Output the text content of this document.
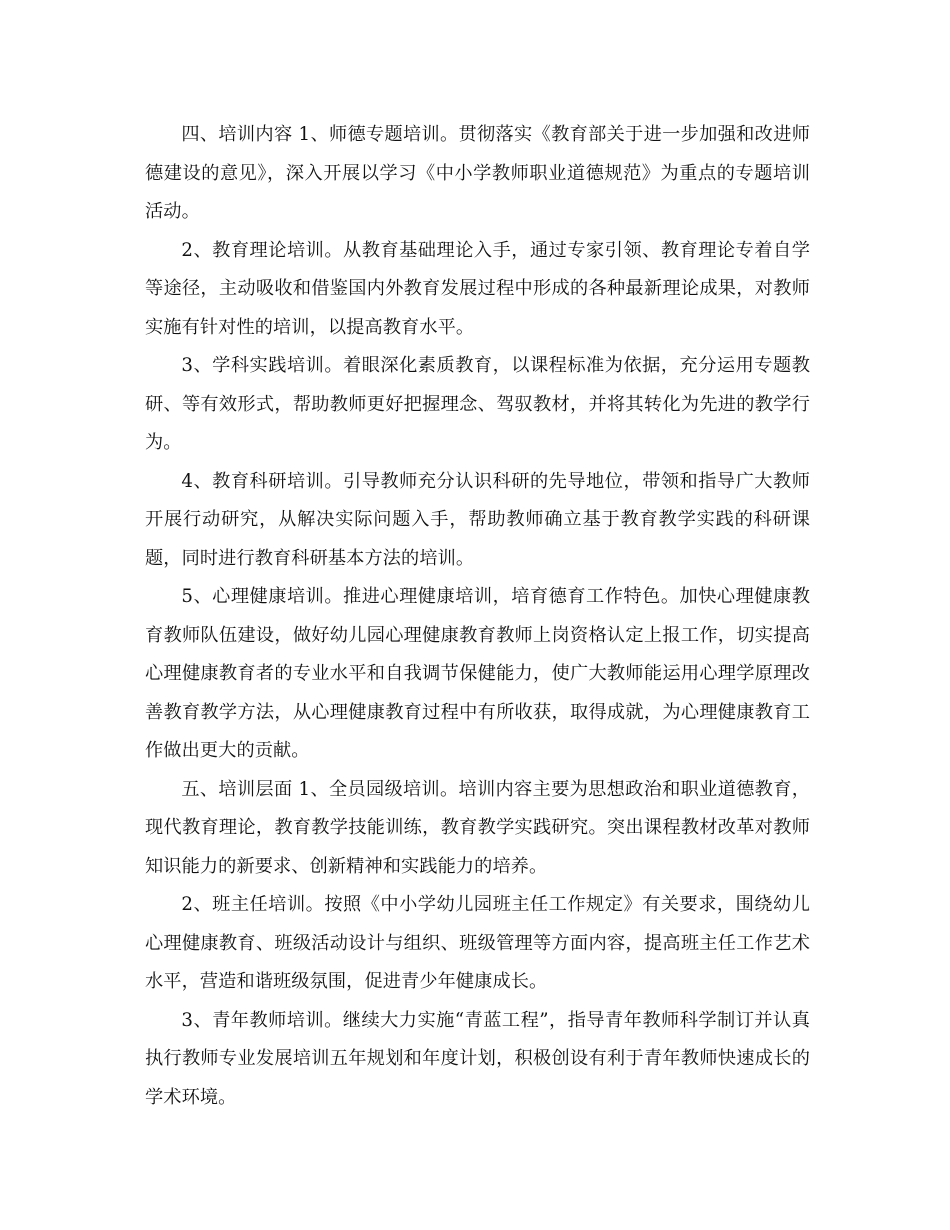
四、培训内容 1、师德专题培训。贯彻落实《教育部关于进一步加强和改进师德建设的意见》，深入开展以学习《中小学教师职业道德规范》为重点的专题培训活动。

2、教育理论培训。从教育基础理论入手，通过专家引领、教育理论专着自学等途径，主动吸收和借鉴国内外教育发展过程中形成的各种最新理论成果，对教师实施有针对性的培训，以提高教育水平。

3、学科实践培训。着眼深化素质教育，以课程标准为依据，充分运用专题教研、等有效形式，帮助教师更好把握理念、驾驭教材，并将其转化为先进的教学行为。

4、教育科研培训。引导教师充分认识科研的先导地位，带领和指导广大教师开展行动研究，从解决实际问题入手，帮助教师确立基于教育教学实践的科研课题，同时进行教育科研基本方法的培训。

5、心理健康培训。推进心理健康培训，培育德育工作特色。加快心理健康教育教师队伍建设，做好幼儿园心理健康教育教师上岗资格认定上报工作，切实提高心理健康教育者的专业水平和自我调节保健能力，使广大教师能运用心理学原理改善教育教学方法，从心理健康教育过程中有所收获，取得成就，为心理健康教育工作做出更大的贡献。

五、培训层面 1、全员园级培训。培训内容主要为思想政治和职业道德教育，现代教育理论，教育教学技能训练，教育教学实践研究。突出课程教材改革对教师知识能力的新要求、创新精神和实践能力的培养。

2、班主任培训。按照《中小学幼儿园班主任工作规定》有关要求，围绕幼儿心理健康教育、班级活动设计与组织、班级管理等方面内容，提高班主任工作艺术水平，营造和谐班级氛围，促进青少年健康成长。

3、青年教师培训。继续大力实施“青蓝工程”，指导青年教师科学制订并认真执行教师专业发展培训五年规划和年度计划，积极创设有利于青年教师快速成长的学术环境。
